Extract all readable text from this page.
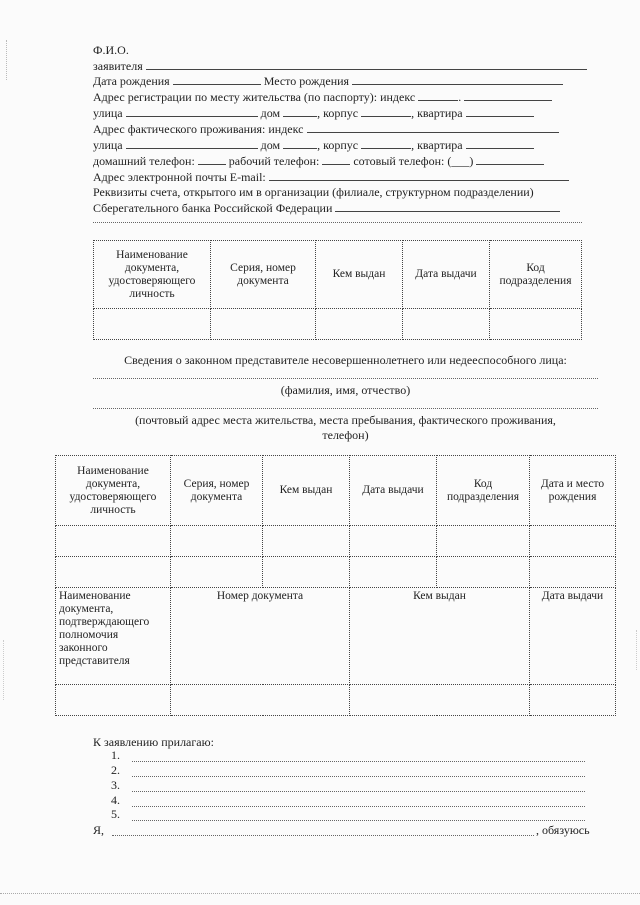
Ф.И.О.
заявителя
Дата рождения	Место рождения
Адрес регистрации по месту жительства (по паспорту): индекс	.
улица	дом	, корпус	, квартира
Адрес фактического проживания: индекс
улица	дом	, корпус	, квартира
домашний телефон:	рабочий телефон:	сотовый телефон: (___)
Адрес электронной почты E-mail:
Реквизиты счета, открытого им в организации (филиале, структурном подразделении)
Сберегательного банка Российской Федерации
Наименование документа, удостоверяющего личность	Серия, номер документа	Кем выдан	Дата выдачи	Код подразделения

Сведения о законном представителе несовершеннолетнего или недееспособного лица:
(фамилия, имя, отчество)
(почтовый адрес места жительства, места пребывания, фактического проживания,
телефон)
Наименование документа, удостоверяющего личность	Серия, номер документа	Кем выдан	Дата выдачи	Код подразделения	Дата и место рождения

Наименование документа, подтверждающего полномочия законного представителя	Номер документа		Кем выдан		Дата выдачи

К заявлению прилагаю:
1.
2.
3.
4.
5.
Я,	, обязуюсь
